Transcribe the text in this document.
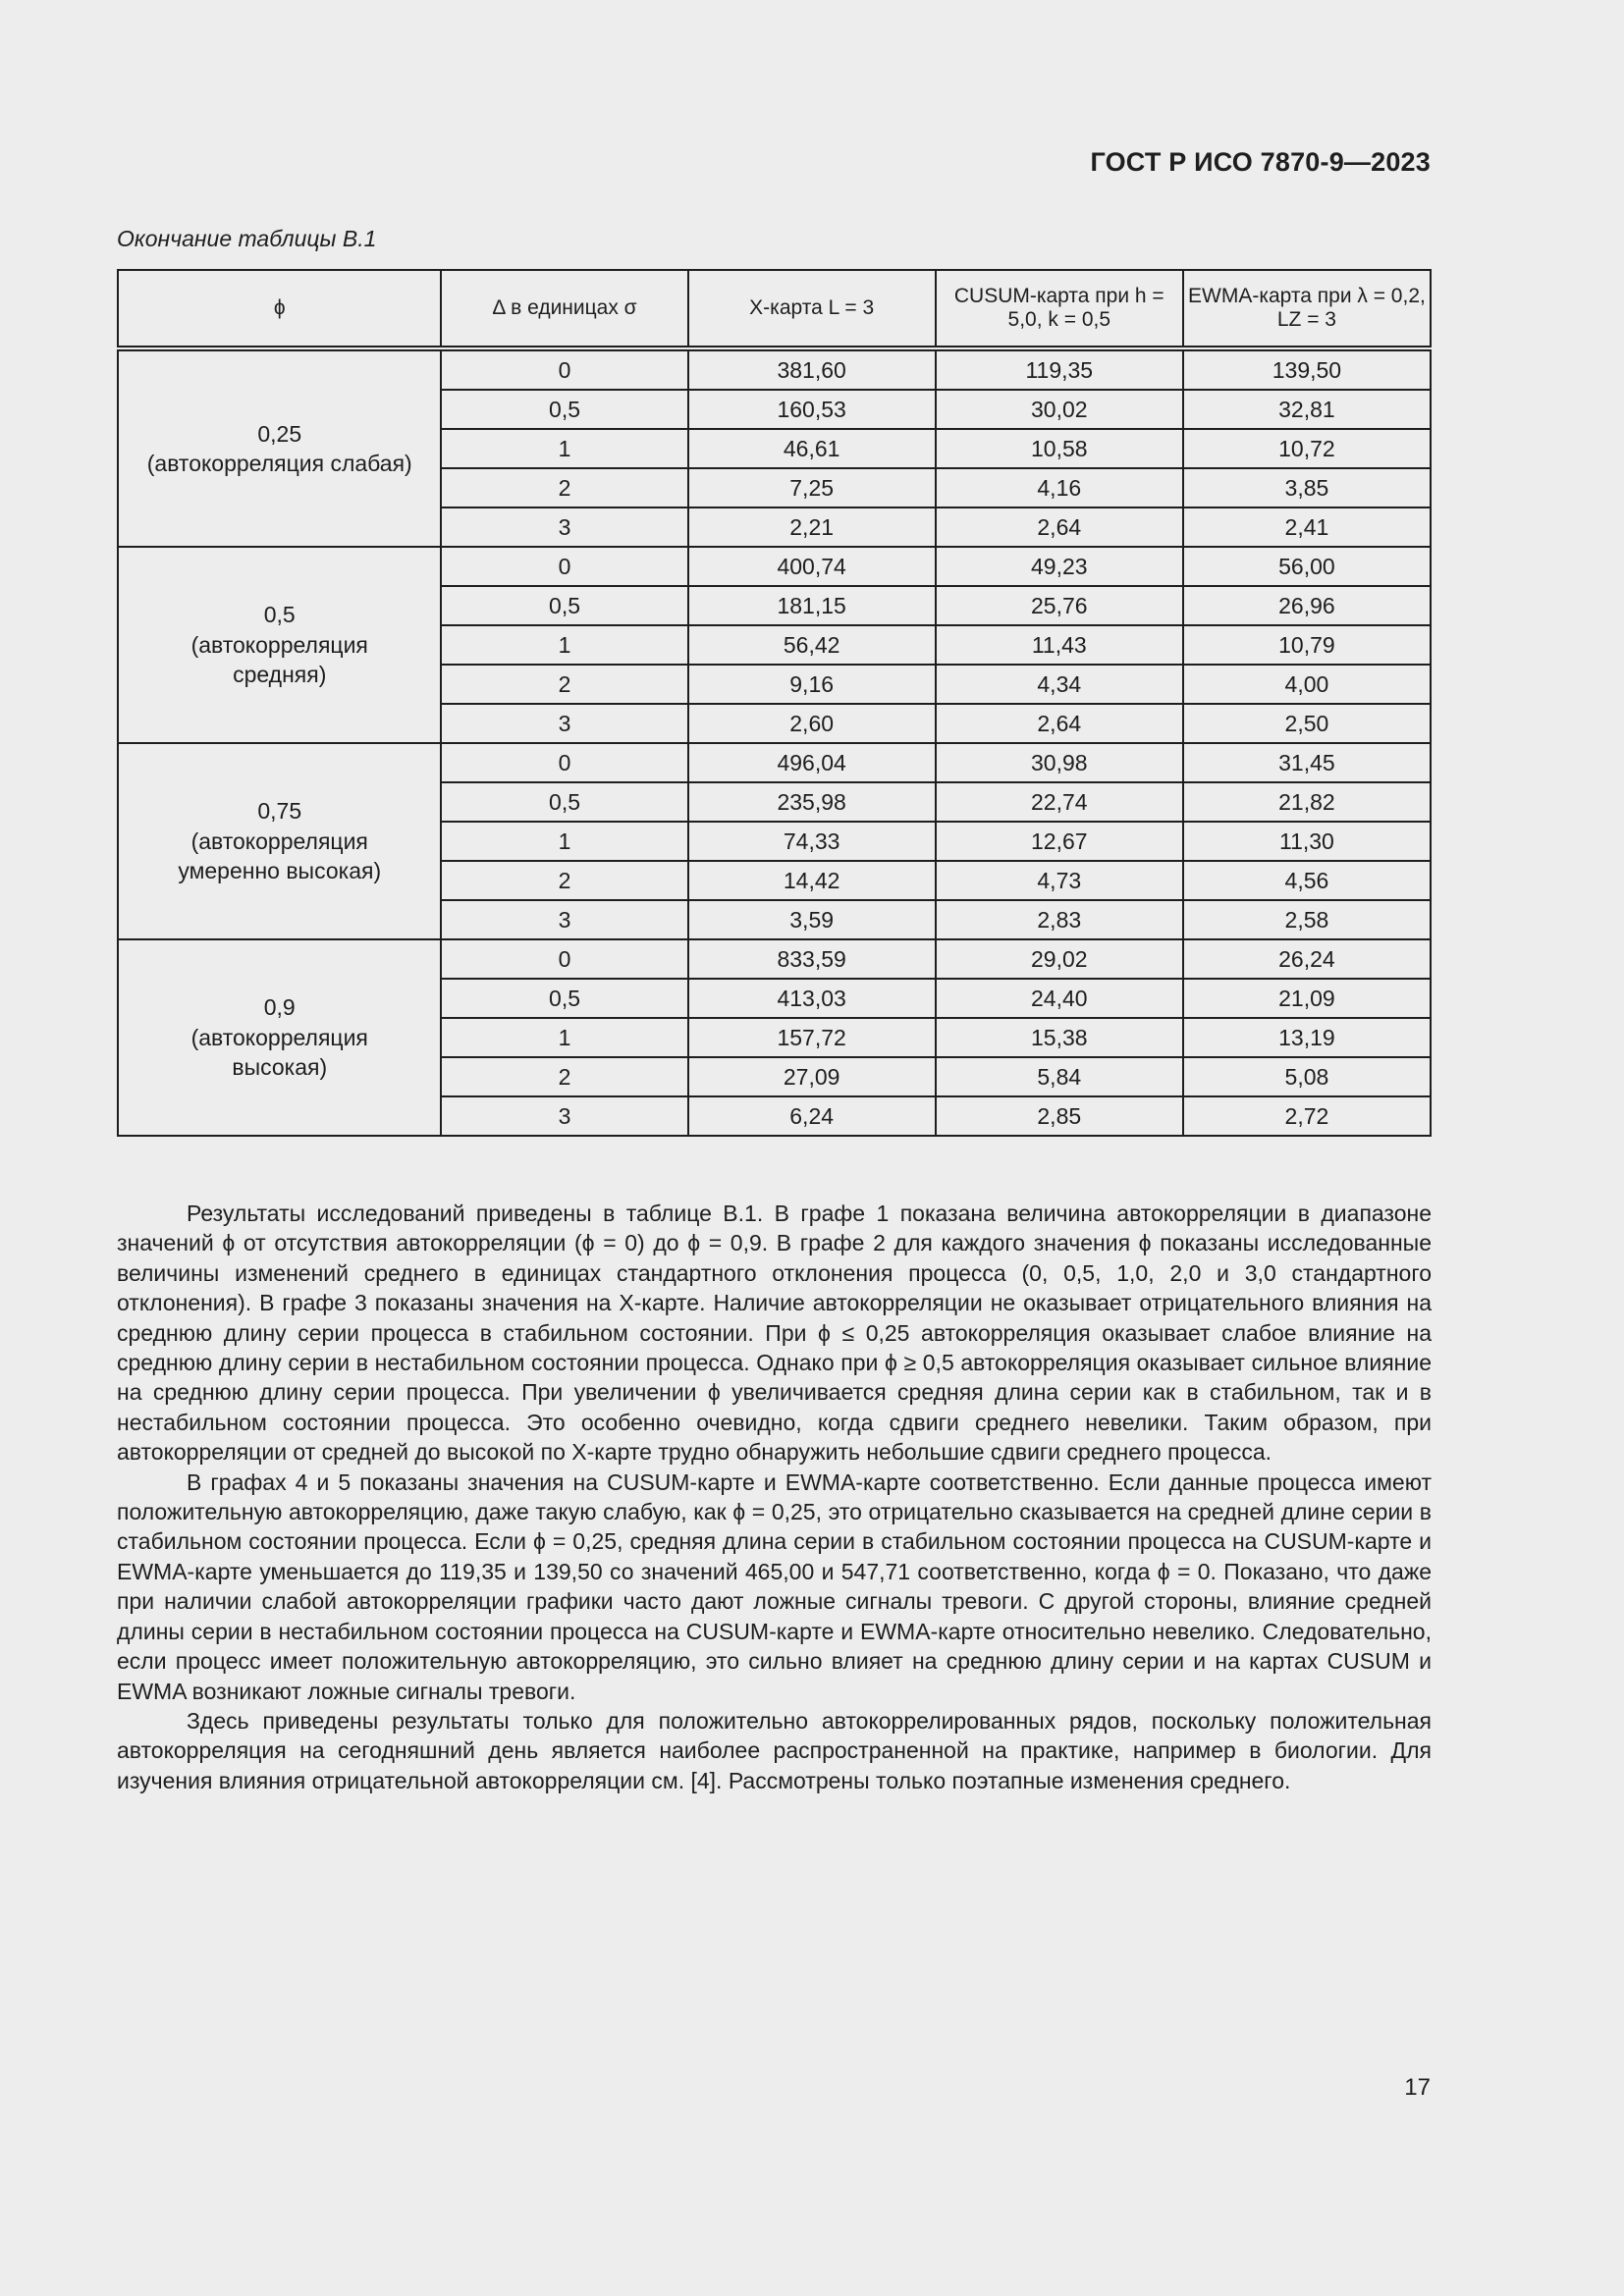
ГОСТ Р ИСО 7870-9—2023
Окончание таблицы В.1
ϕ	Δ в единицах σ	X-карта L = 3	CUSUM-карта при h = 5,0, k = 0,5	EWMA-карта при λ = 0,2, LZ = 3

0,25
(автокорреляция слабая)	0	381,60	119,35	139,50
	0,5	160,53	30,02	32,81
	1	46,61	10,58	10,72
	2	7,25	4,16	3,85
	3	2,21	2,64	2,41

0,5
(автокорреляция средняя)	0	400,74	49,23	56,00
	0,5	181,15	25,76	26,96
	1	56,42	11,43	10,79
	2	9,16	4,34	4,00
	3	2,60	2,64	2,50

0,75
(автокорреляция умеренно высокая)	0	496,04	30,98	31,45
	0,5	235,98	22,74	21,82
	1	74,33	12,67	11,30
	2	14,42	4,73	4,56
	3	3,59	2,83	2,58

0,9
(автокорреляция высокая)	0	833,59	29,02	26,24
	0,5	413,03	24,40	21,09
	1	157,72	15,38	13,19
	2	27,09	5,84	5,08
	3	6,24	2,85	2,72

Результаты исследований приведены в таблице В.1. В графе 1 показана величина автокорреляции в диапазоне значений ϕ от отсутствия автокорреляции (ϕ = 0) до ϕ = 0,9. В графе 2 для каждого значения ϕ показаны исследованные величины изменений среднего в единицах стандартного отклонения процесса (0, 0,5, 1,0, 2,0 и 3,0 стандартного отклонения). В графе 3 показаны значения на X-карте. Наличие автокорреляции не оказывает отрицательного влияния на среднюю длину серии процесса в стабильном состоянии. При ϕ ≤ 0,25 автокорреляция оказывает слабое влияние на среднюю длину серии в нестабильном состоянии процесса. Однако при ϕ ≥ 0,5 автокорреляция оказывает сильное влияние на среднюю длину серии процесса. При увеличении ϕ увеличивается средняя длина серии как в стабильном, так и в нестабильном состоянии процесса. Это особенно очевидно, когда сдвиги среднего невелики. Таким образом, при автокорреляции от средней до высокой по X-карте трудно обнаружить небольшие сдвиги среднего процесса.

В графах 4 и 5 показаны значения на CUSUM-карте и EWMA-карте соответственно. Если данные процесса имеют положительную автокорреляцию, даже такую слабую, как ϕ = 0,25, это отрицательно сказывается на средней длине серии в стабильном состоянии процесса. Если ϕ = 0,25, средняя длина серии в стабильном состоянии процесса на CUSUM-карте и EWMA-карте уменьшается до 119,35 и 139,50 со значений 465,00 и 547,71 соответственно, когда ϕ = 0. Показано, что даже при наличии слабой автокорреляции графики часто дают ложные сигналы тревоги. С другой стороны, влияние средней длины серии в нестабильном состоянии процесса на CUSUM-карте и EWMA-карте относительно невелико. Следовательно, если процесс имеет положительную автокорреляцию, это сильно влияет на среднюю длину серии и на картах CUSUM и EWMA возникают ложные сигналы тревоги.

Здесь приведены результаты только для положительно автокоррелированных рядов, поскольку положительная автокорреляция на сегодняшний день является наиболее распространенной на практике, например в биологии. Для изучения влияния отрицательной автокорреляции см. [4]. Рассмотрены только поэтапные изменения среднего.

17
